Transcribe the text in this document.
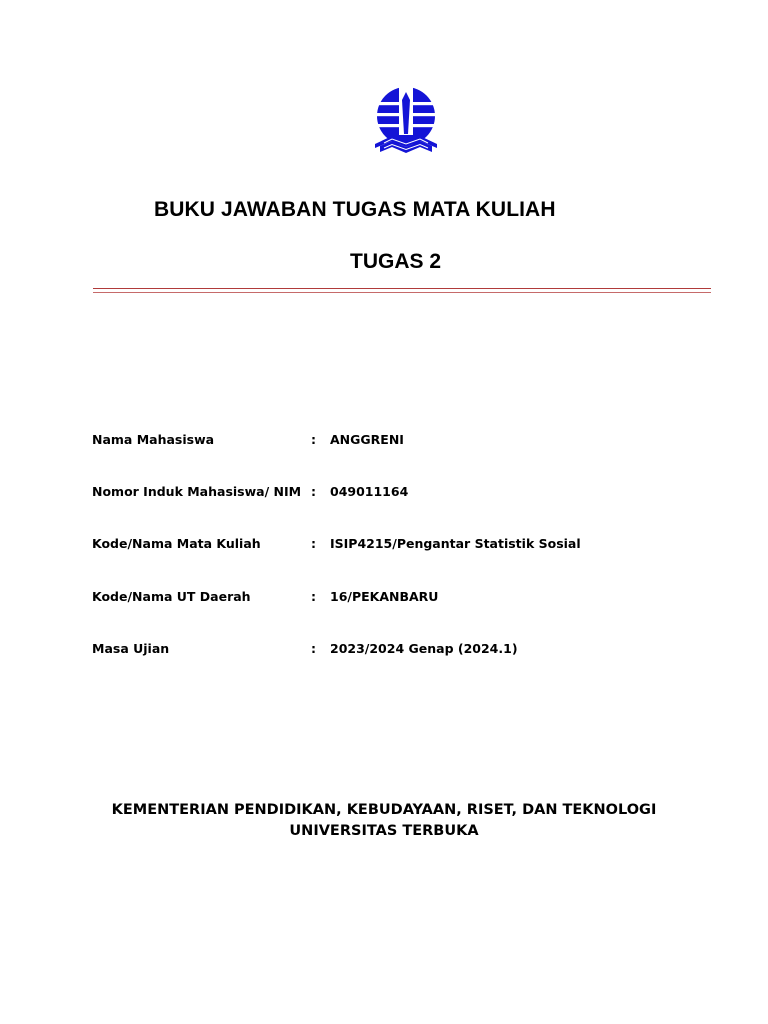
BUKU JAWABAN TUGAS MATA KULIAH
TUGAS 2
Nama Mahasiswa	: ANGGRENI
Nomor Induk Mahasiswa/ NIM : 049011164
Kode/Nama Mata Kuliah	: ISIP4215/Pengantar Statistik Sosial
Kode/Nama UT Daerah	: 16/PEKANBARU
Masa Ujian	: 2023/2024 Genap (2024.1)
KEMENTERIAN PENDIDIKAN, KEBUDAYAAN, RISET, DAN TEKNOLOGI
UNIVERSITAS TERBUKA
